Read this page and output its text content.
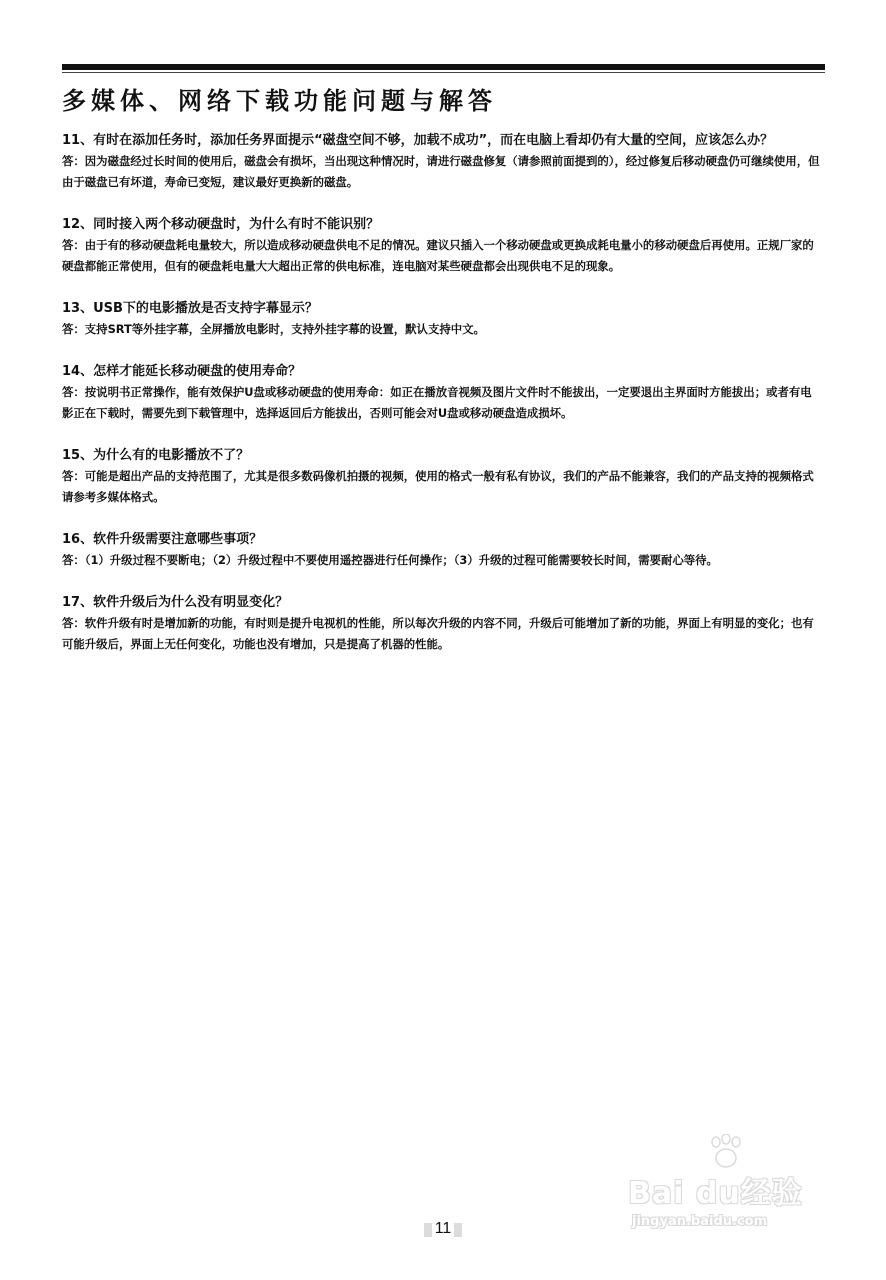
多媒体、网络下载功能问题与解答

11、有时在添加任务时，添加任务界面提示“磁盘空间不够，加载不成功”，而在电脑上看却仍有大量的空间，应该怎么办？

答：因为磁盘经过长时间的使用后，磁盘会有损坏，当出现这种情况时，请进行磁盘修复（请参照前面提到的），经过修复后移动硬盘仍可继续使用，但由于磁盘已有坏道，寿命已变短，建议最好更换新的磁盘。

12、同时接入两个移动硬盘时，为什么有时不能识别？

答：由于有的移动硬盘耗电量较大，所以造成移动硬盘供电不足的情况。建议只插入一个移动硬盘或更换成耗电量小的移动硬盘后再使用。正规厂家的硬盘都能正常使用，但有的硬盘耗电量大大超出正常的供电标准，连电脑对某些硬盘都会出现供电不足的现象。

13、USB下的电影播放是否支持字幕显示？

答：支持SRT等外挂字幕，全屏播放电影时，支持外挂字幕的设置，默认支持中文。

14、怎样才能延长移动硬盘的使用寿命？

答：按说明书正常操作，能有效保护U盘或移动硬盘的使用寿命：如正在播放音视频及图片文件时不能拔出，一定要退出主界面时方能拔出；或者有电影正在下载时，需要先到下载管理中，选择返回后方能拔出，否则可能会对U盘或移动硬盘造成损坏。

15、为什么有的电影播放不了？

答：可能是超出产品的支持范围了，尤其是很多数码像机拍摄的视频，使用的格式一般有私有协议，我们的产品不能兼容，我们的产品支持的视频格式请参考多媒体格式。

16、软件升级需要注意哪些事项？

答：（1）升级过程不要断电；（2）升级过程中不要使用遥控器进行任何操作；（3）升级的过程可能需要较长时间，需要耐心等待。

17、软件升级后为什么没有明显变化？

答：软件升级有时是增加新的功能，有时则是提升电视机的性能，所以每次升级的内容不同，升级后可能增加了新的功能，界面上有明显的变化；也有可能升级后，界面上无任何变化，功能也没有增加，只是提高了机器的性能。

Bai du经验
jingyan.baidu.com
11
